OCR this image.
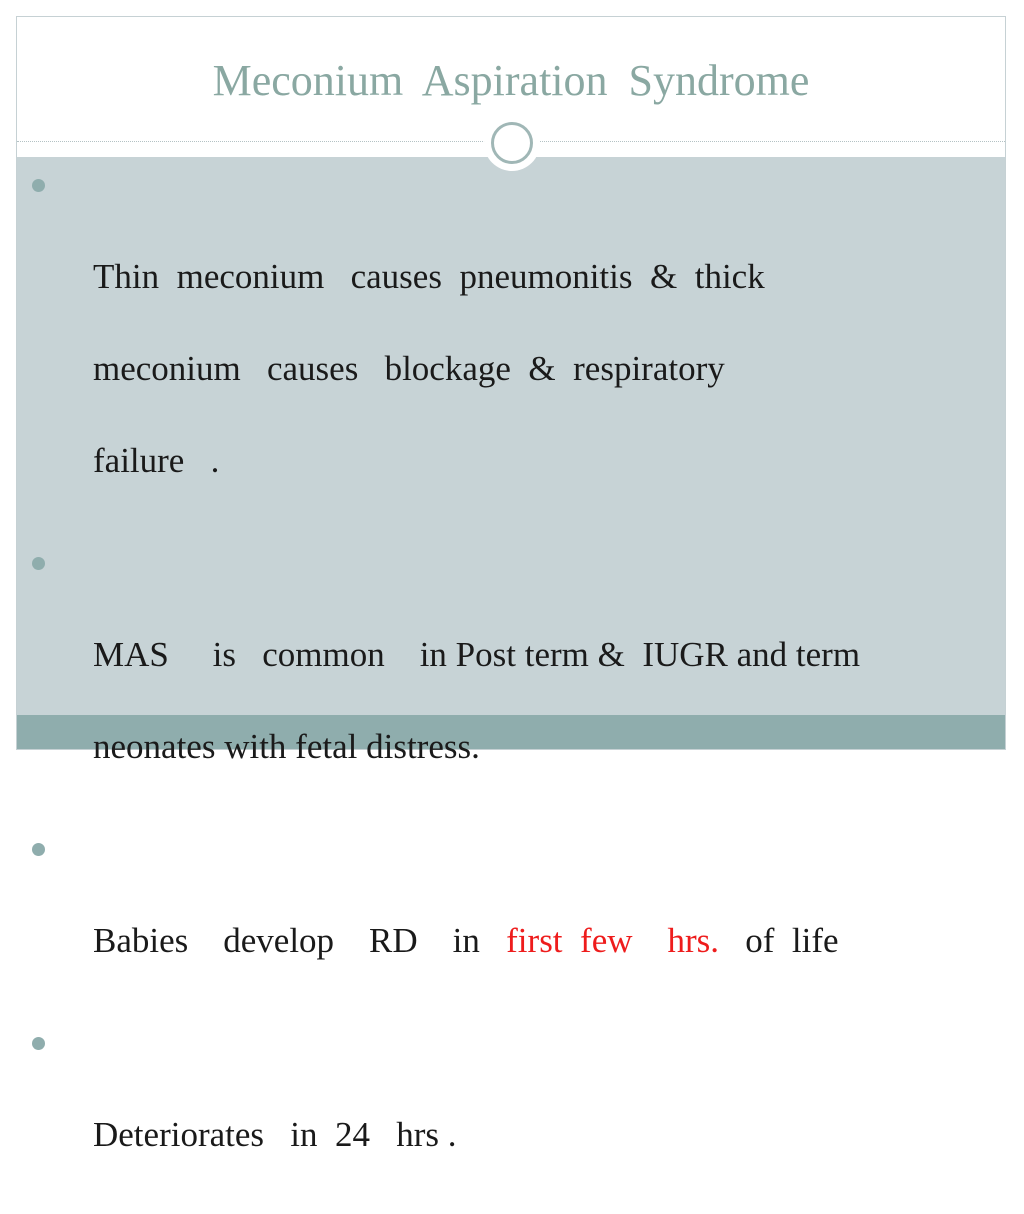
Meconium Aspiration Syndrome

Thin  meconium   causes  pneumonitis  &  thick

meconium   causes   blockage  &  respiratory

failure   .

MAS     is   common    in Post term &  IUGR and term

neonates with fetal distress.

Babies    develop    RD    in   first  few    hrs.   of  life

Deteriorates   in  24   hrs .
